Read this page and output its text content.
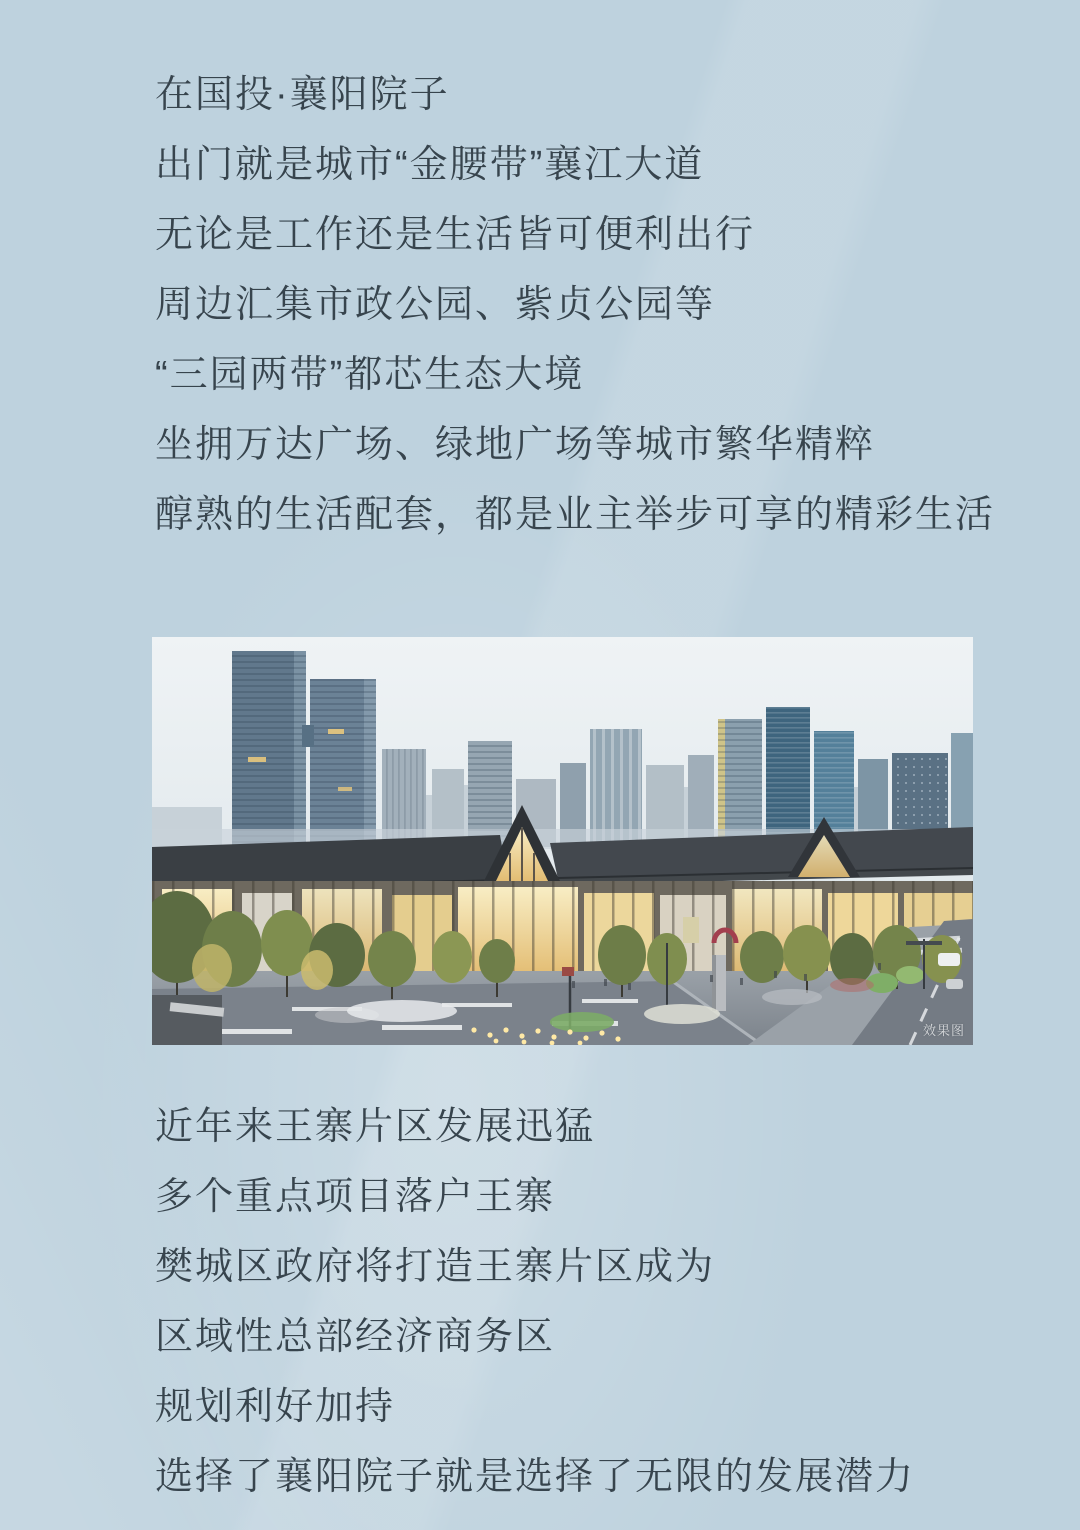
在国投·襄阳院子
出门就是城市“金腰带”襄江大道
无论是工作还是生活皆可便利出行
周边汇集市政公园、紫贞公园等
“三园两带”都芯生态大境
坐拥万达广场、绿地广场等城市繁华精粹
醇熟的生活配套，都是业主举步可享的精彩生活
效果图
近年来王寨片区发展迅猛
多个重点项目落户王寨
樊城区政府将打造王寨片区成为
区域性总部经济商务区
规划利好加持
选择了襄阳院子就是选择了无限的发展潜力
